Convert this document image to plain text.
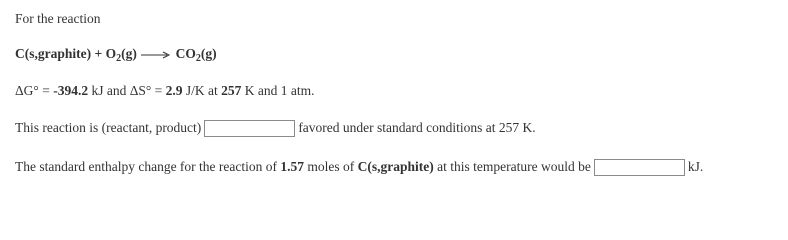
For the reaction
C(s,graphite) + $O_2(g)$	$CO_2(g)$
ΔG° = -394.2 kJ and ΔS° = 2.9 J/K at 257 K and 1 atm.
This reaction is (reactant, product)	favored under standard conditions at 257 K.
The standard enthalpy change for the reaction of 1.57 moles of C(s,graphite) at this temperature would be	kJ.
